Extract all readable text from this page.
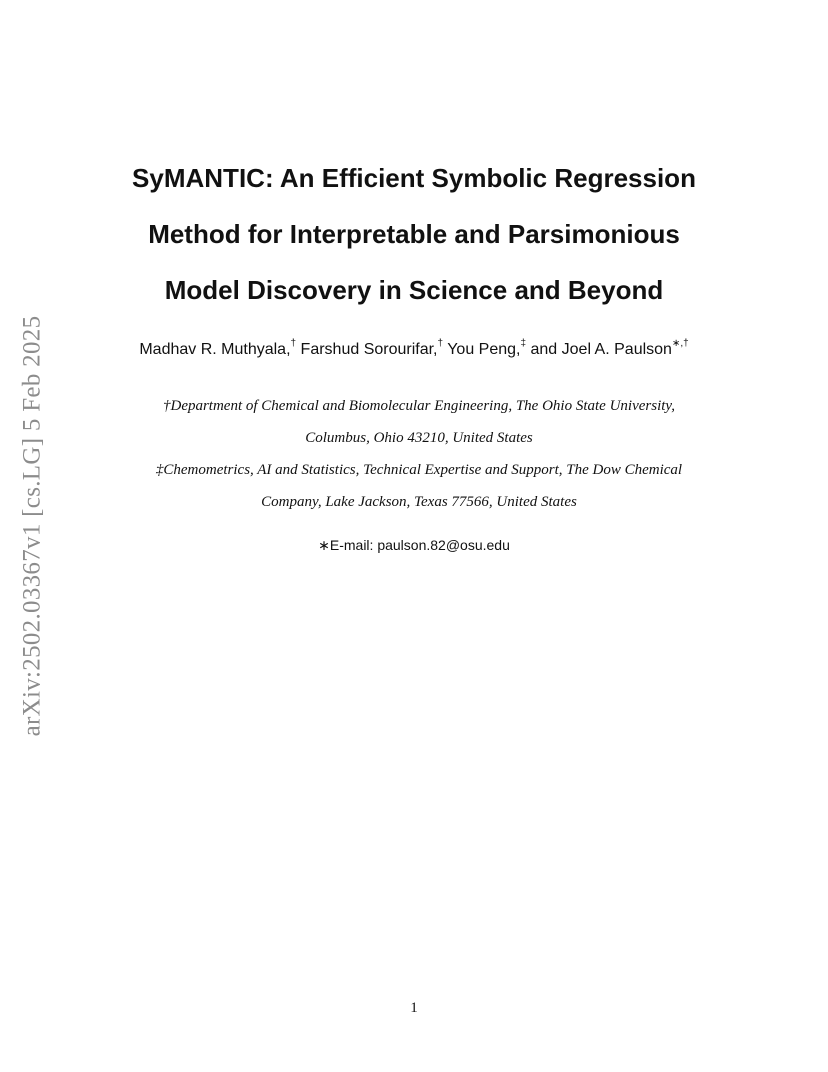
arXiv:2502.03367v1 [cs.LG] 5 Feb 2025
SyMANTIC: An Efficient Symbolic Regression
Method for Interpretable and Parsimonious
Model Discovery in Science and Beyond
Madhav R. Muthyala,† Farshud Sorourifar,† You Peng,‡ and Joel A. Paulson∗,†
†Department of Chemical and Biomolecular Engineering, The Ohio State University,
Columbus, Ohio 43210, United States
‡Chemometrics, AI and Statistics, Technical Expertise and Support, The Dow Chemical
Company, Lake Jackson, Texas 77566, United States
∗E-mail: paulson.82@osu.edu
1
